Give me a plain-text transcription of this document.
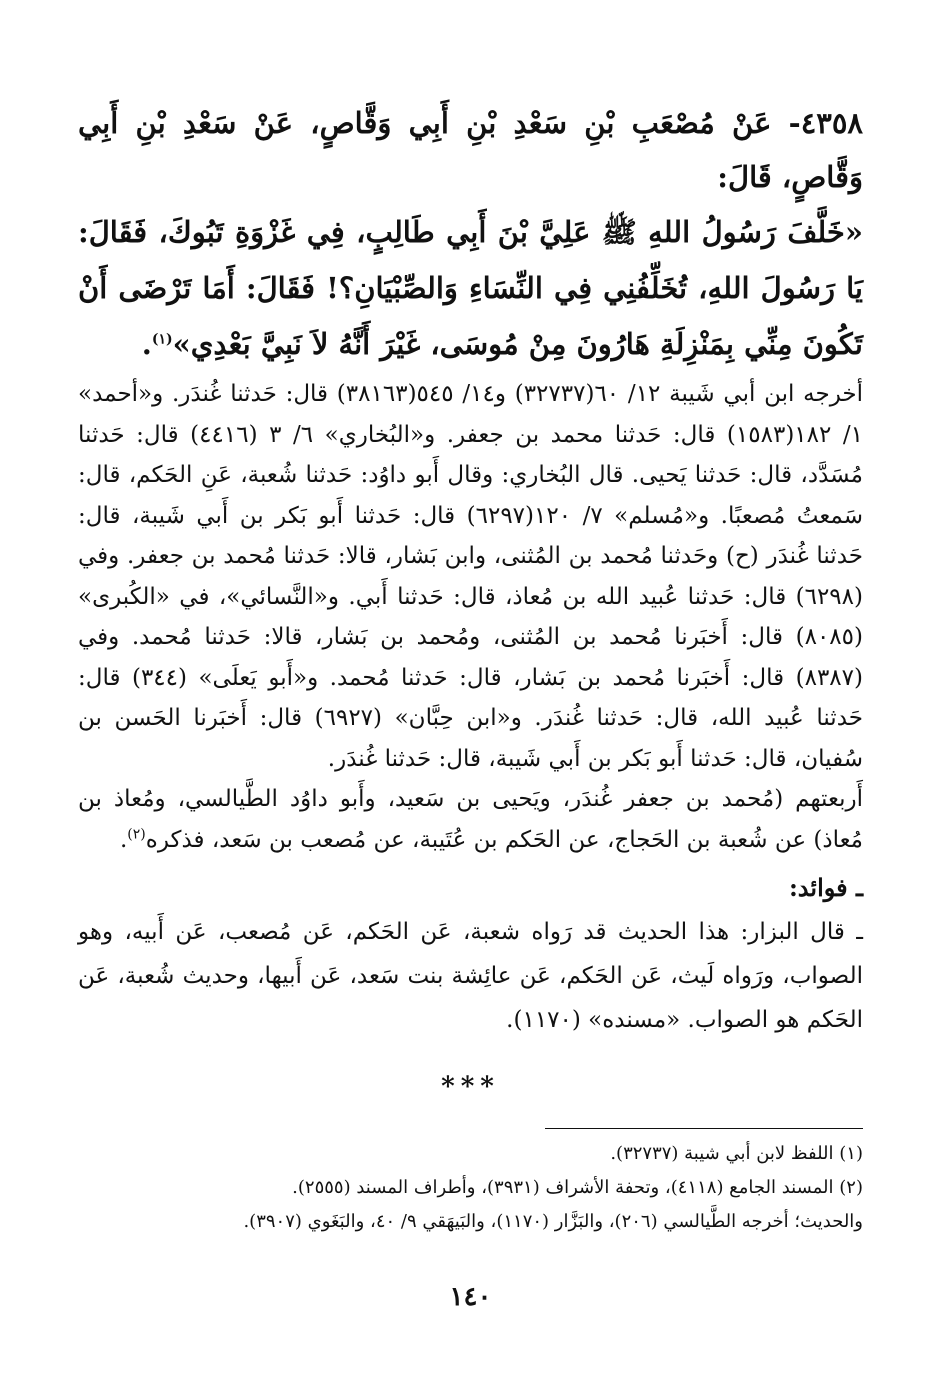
٤٣٥٨- عَنْ مُصْعَبِ بْنِ سَعْدِ بْنِ أَبِي وَقَّاصٍ، عَنْ سَعْدِ بْنِ أَبِي وَقَّاصٍ، قَالَ:

«خَلَّفَ رَسُولُ اللهِ ﷺ عَلِيَّ بْنَ أَبِي طَالِبٍ، فِي غَزْوَةِ تَبُوكَ، فَقَالَ: يَا رَسُولَ اللهِ، تُخَلِّفُنِي فِي النِّسَاءِ وَالصِّبْيَانِ؟! فَقَالَ: أَمَا تَرْضَى أَنْ تَكُونَ مِنِّي بِمَنْزِلَةِ هَارُونَ مِنْ مُوسَى، غَيْرَ أَنَّهُ لاَ نَبِيَّ بَعْدِي»$^{(١)}$.

أخرجه ابن أبي شَيبة ١٢/ ٦٠(٣٢٧٣٧) و١٤/ ٥٤٥(٣٨١٦٣) قال: حَدثنا غُندَر. و«أحمد» ١/ ١٨٢(١٥٨٣) قال: حَدثنا محمد بن جعفر. و«البُخاري» ٦/ ٣ (٤٤١٦) قال: حَدثنا مُسَدَّد، قال: حَدثنا يَحيى. قال البُخاري: وقال أَبو داوُد: حَدثنا شُعبة، عَنِ الحَكم، قال: سَمعتُ مُصعبًا. و«مُسلم» ٧/ ١٢٠(٦٢٩٧) قال: حَدثنا أَبو بَكر بن أَبي شَيبة، قال: حَدثنا غُندَر (ح) وحَدثنا مُحمد بن المُثنى، وابن بَشار، قالا: حَدثنا مُحمد بن جعفر. وفي (٦٢٩٨) قال: حَدثنا عُبيد الله بن مُعاذ، قال: حَدثنا أَبي. و«النَّسائي»، في «الكُبرى» (٨٠٨٥) قال: أَخبَرنا مُحمد بن المُثنى، ومُحمد بن بَشار، قالا: حَدثنا مُحمد. وفي (٨٣٨٧) قال: أَخبَرنا مُحمد بن بَشار، قال: حَدثنا مُحمد. و«أَبو يَعلَى» (٣٤٤) قال: حَدثنا عُبيد الله، قال: حَدثنا غُندَر. و«ابن حِبَّان» (٦٩٢٧) قال: أَخبَرنا الحَسن بن سُفيان، قال: حَدثنا أَبو بَكر بن أَبي شَيبة، قال: حَدثنا غُندَر.

أَربعتهم (مُحمد بن جعفر غُندَر، ويَحيى بن سَعيد، وأَبو داوُد الطَّيالسي، ومُعاذ بن مُعاذ) عن شُعبة بن الحَجاج، عن الحَكم بن عُتَيبة، عن مُصعب بن سَعد، فذكره$^{(٢)}$.

ـ فوائد:

ـ قال البزار: هذا الحديث قد رَواه شعبة، عَن الحَكم، عَن مُصعب، عَن أَبيه، وهو الصواب، ورَواه لَيث، عَن الحَكم، عَن عائِشة بنت سَعد، عَن أَبيها، وحديث شُعبة، عَن الحَكم هو الصواب. «مسنده» (١١٧٠).

***

(١) اللفظ لابن أبي شيبة (٣٢٧٣٧).

(٢) المسند الجامع (٤١١٨)، وتحفة الأشراف (٣٩٣١)، وأطراف المسند (٢٥٥٥).

والحديث؛ أخرجه الطَّيالسي (٢٠٦)، والبَزَّار (١١٧٠)، والبَيهَقي ٩/ ٤٠، والبَغَوي (٣٩٠٧).

١٤٠
